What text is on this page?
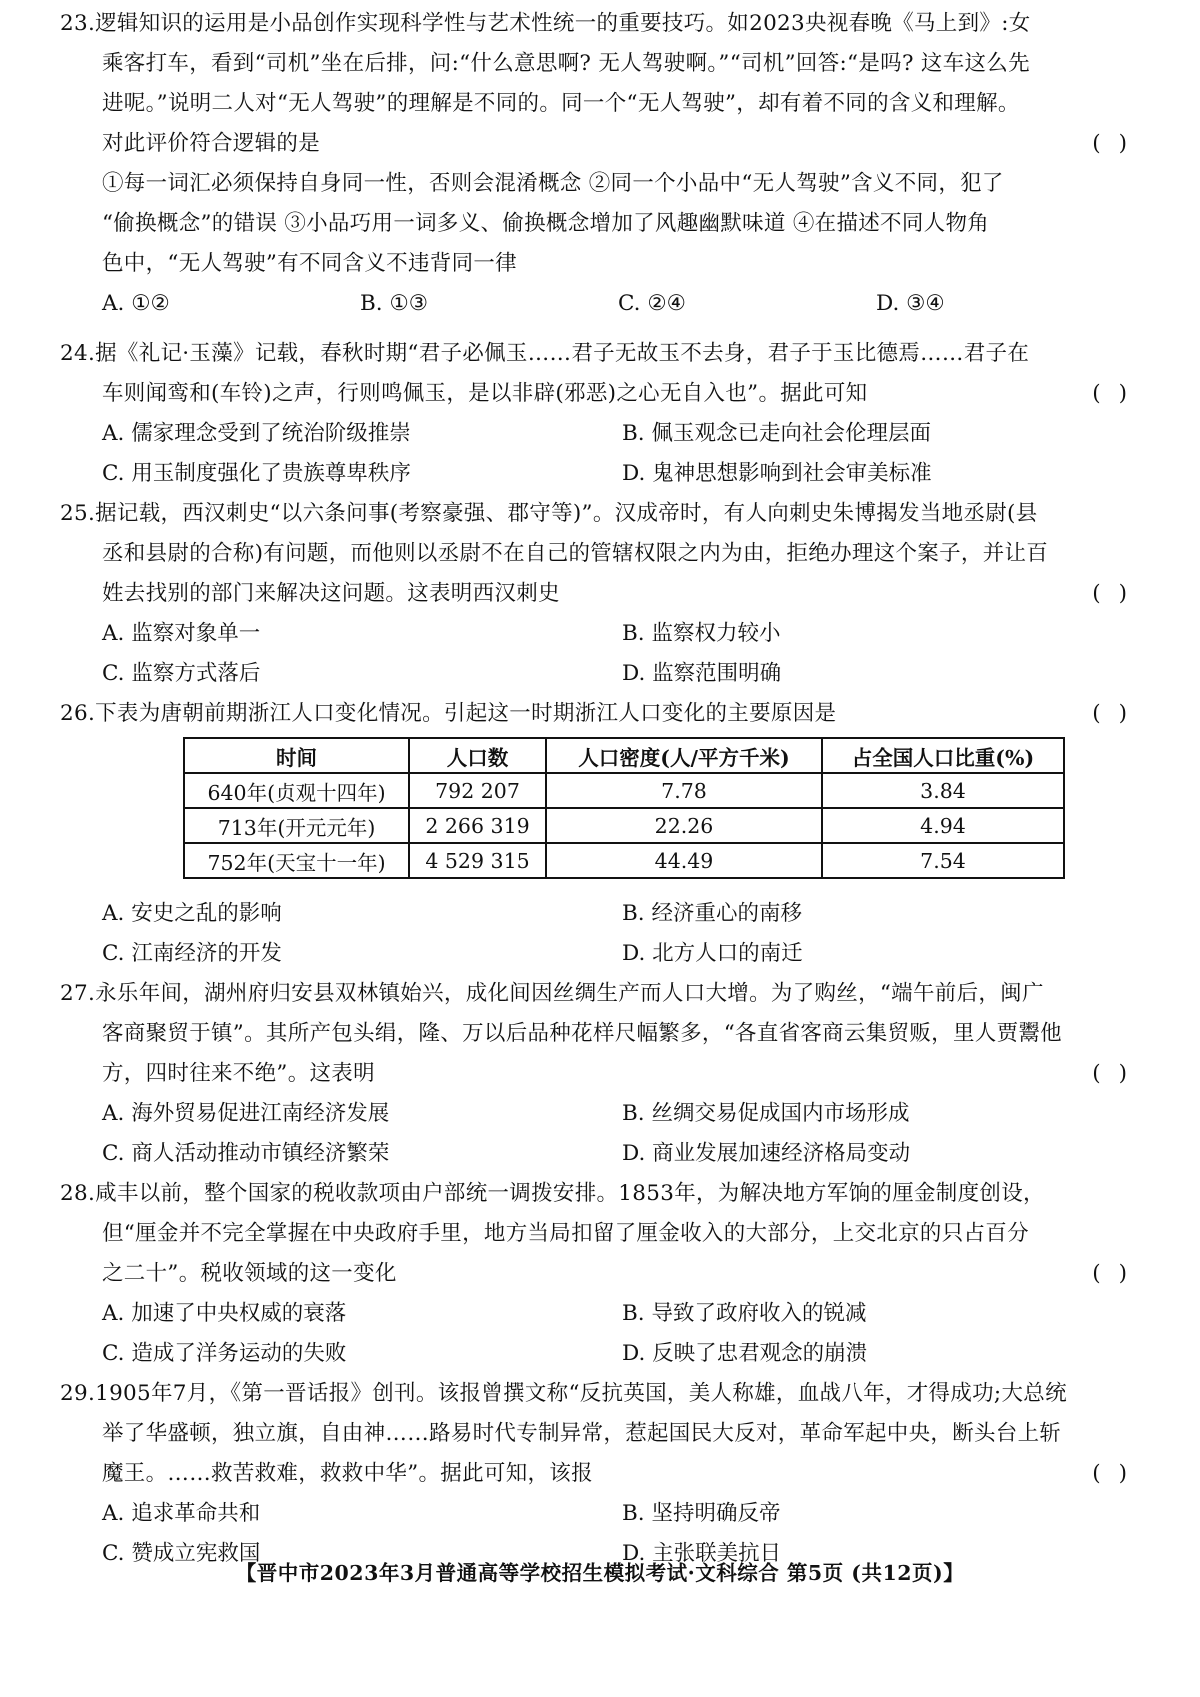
23.逻辑知识的运用是小品创作实现科学性与艺术性统一的重要技巧。如2023央视春晚《马上到》:女
乘客打车，看到“司机”坐在后排，问:“什么意思啊? 无人驾驶啊。”“司机”回答:“是吗? 这车这么先
进呢。”说明二人对“无人驾驶”的理解是不同的。同一个“无人驾驶”，却有着不同的含义和理解。
对此评价符合逻辑的是	()
①每一词汇必须保持自身同一性，否则会混淆概念 ②同一个小品中“无人驾驶”含义不同，犯了
“偷换概念”的错误 ③小品巧用一词多义、偷换概念增加了风趣幽默味道 ④在描述不同人物角
色中，“无人驾驶”有不同含义不违背同一律
A. ①②	B. ①③	C. ②④	D. ③④
24.据《礼记·玉藻》记载，春秋时期“君子必佩玉……君子无故玉不去身，君子于玉比德焉……君子在
车则闻鸾和(车铃)之声，行则鸣佩玉，是以非辟(邪恶)之心无自入也”。据此可知	()
A. 儒家理念受到了统治阶级推崇	B. 佩玉观念已走向社会伦理层面
C. 用玉制度强化了贵族尊卑秩序	D. 鬼神思想影响到社会审美标准
25.据记载，西汉刺史“以六条问事(考察豪强、郡守等)”。汉成帝时，有人向刺史朱博揭发当地丞尉(县
丞和县尉的合称)有问题，而他则以丞尉不在自己的管辖权限之内为由，拒绝办理这个案子，并让百
姓去找别的部门来解决这问题。这表明西汉刺史	()
A. 监察对象单一	B. 监察权力较小
C. 监察方式落后	D. 监察范围明确
26.下表为唐朝前期浙江人口变化情况。引起这一时期浙江人口变化的主要原因是	()
时间	人口数	人口密度(人/平方千米)	占全国人口比重(%)
640年(贞观十四年)	792 207	7.78	3.84
713年(开元元年)	2 266 319	22.26	4.94
752年(天宝十一年)	4 529 315	44.49	7.54
A. 安史之乱的影响	B. 经济重心的南移
C. 江南经济的开发	D. 北方人口的南迁
27.永乐年间，湖州府归安县双林镇始兴，成化间因丝绸生产而人口大增。为了购丝，“端午前后，闽广
客商聚贸于镇”。其所产包头绢，隆、万以后品种花样尺幅繁多，“各直省客商云集贸贩，里人贾鬻他
方，四时往来不绝”。这表明	()
A. 海外贸易促进江南经济发展	B. 丝绸交易促成国内市场形成
C. 商人活动推动市镇经济繁荣	D. 商业发展加速经济格局变动
28.咸丰以前，整个国家的税收款项由户部统一调拨安排。1853年，为解决地方军饷的厘金制度创设，
但“厘金并不完全掌握在中央政府手里，地方当局扣留了厘金收入的大部分，上交北京的只占百分
之二十”。税收领域的这一变化	()
A. 加速了中央权威的衰落	B. 导致了政府收入的锐减
C. 造成了洋务运动的失败	D. 反映了忠君观念的崩溃
29.1905年7月，《第一晋话报》创刊。该报曾撰文称“反抗英国，美人称雄，血战八年，才得成功;大总统
举了华盛顿，独立旗，自由神……路易时代专制异常，惹起国民大反对，革命军起中央，断头台上斩
魔王。……救苦救难，救救中华”。据此可知，该报	()
A. 追求革命共和	B. 坚持明确反帝
C. 赞成立宪救国	D. 主张联美抗日
【晋中市2023年3月普通高等学校招生模拟考试·文科综合 第5页 (共12页)】
